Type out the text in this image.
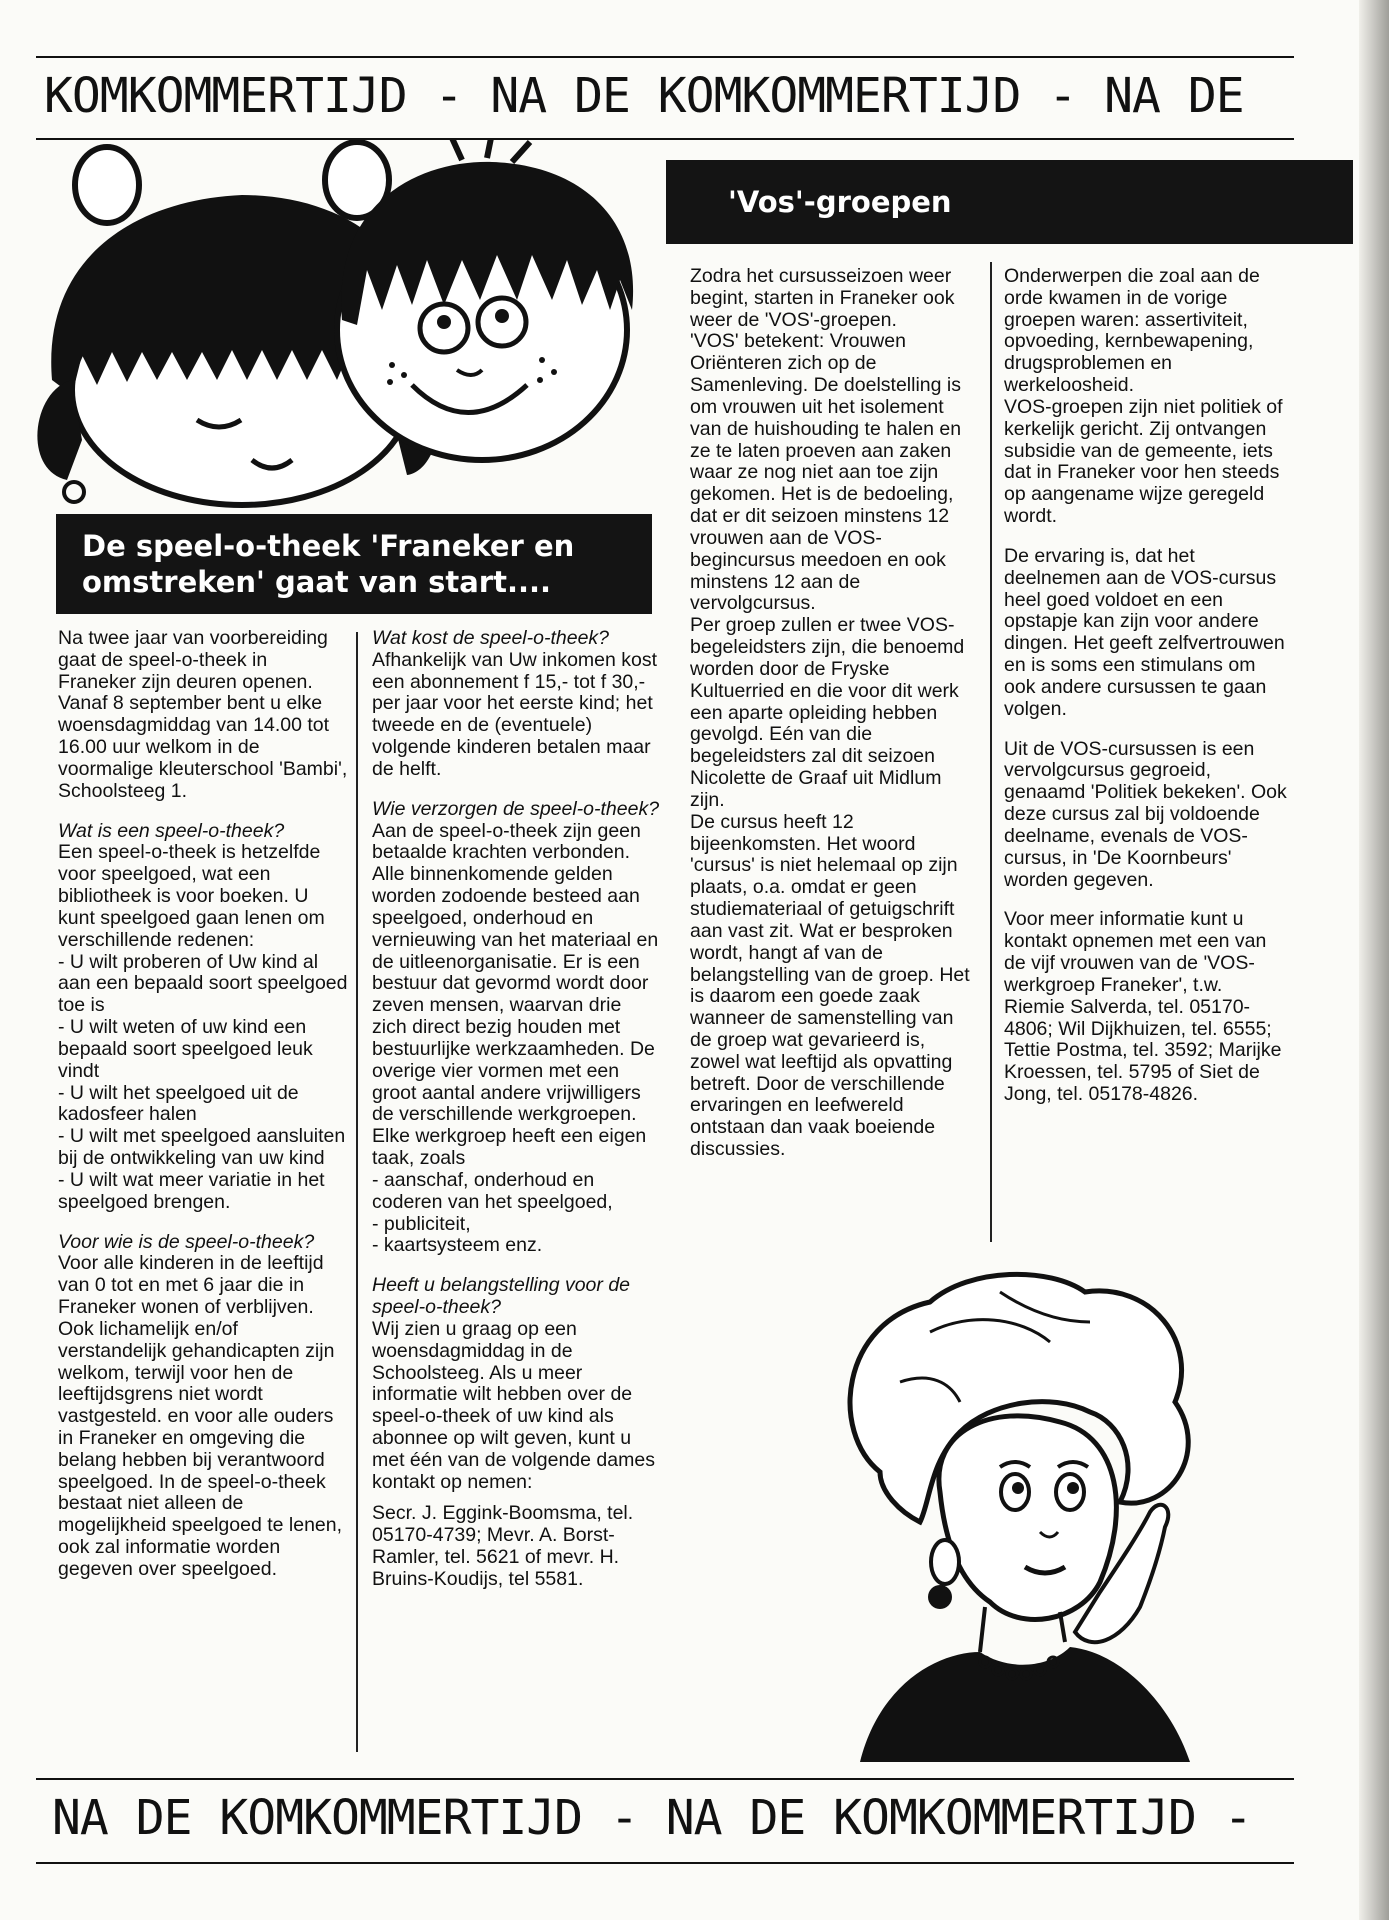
KOMKOMMERTIJD - NA DE KOMKOMMERTIJD - NA DE
De speel-o-theek 'Franeker en
omstreken' gaat van start....

Na twee jaar van voorbereiding gaat de speel-o-theek in Franeker zijn deuren openen. Vanaf 8 september bent u elke woensdagmiddag van 14.00 tot 16.00 uur welkom in de voormalige kleuterschool 'Bambi', Schoolsteeg 1.

Wat is een speel-o-theek?

Een speel-o-theek is hetzelfde voor speelgoed, wat een bibliotheek is voor boeken. U kunt speelgoed gaan lenen om verschillende redenen:
- U wilt proberen of Uw kind al aan een bepaald soort speelgoed toe is
- U wilt weten of uw kind een bepaald soort speelgoed leuk vindt
- U wilt het speelgoed uit de kadosfeer halen
- U wilt met speelgoed aansluiten bij de ontwikkeling van uw kind
- U wilt wat meer variatie in het speelgoed brengen.

Voor wie is de speel-o-theek?

Voor alle kinderen in de leeftijd van 0 tot en met 6 jaar die in Franeker wonen of verblijven. Ook lichamelijk en/of verstandelijk gehandicapten zijn welkom, terwijl voor hen de leeftijdsgrens niet wordt vastgesteld. en voor alle ouders in Franeker en omgeving die belang hebben bij verantwoord speelgoed. In de speel-o-theek bestaat niet alleen de mogelijkheid speelgoed te lenen, ook zal informatie worden gegeven over speelgoed.

Wat kost de speel-o-theek?

Afhankelijk van Uw inkomen kost een abonnement f 15,- tot f 30,- per jaar voor het eerste kind; het tweede en de (eventuele) volgende kinderen betalen maar de helft.

Wie verzorgen de speel-o-theek?

Aan de speel-o-theek zijn geen betaalde krachten verbonden. Alle binnenkomende gelden worden zodoende besteed aan speelgoed, onderhoud en vernieuwing van het materiaal en de uitleenorganisatie. Er is een bestuur dat gevormd wordt door zeven mensen, waarvan drie zich direct bezig houden met bestuurlijke werkzaamheden. De overige vier vormen met een groot aantal andere vrijwilligers de verschillende werkgroepen. Elke werkgroep heeft een eigen taak, zoals
- aanschaf, onderhoud en coderen van het speelgoed,
- publiciteit,
- kaartsysteem enz.

Heeft u belangstelling voor de speel-o-theek?

Wij zien u graag op een woensdagmiddag in de Schoolsteeg. Als u meer informatie wilt hebben over de speel-o-theek of uw kind als abonnee op wilt geven, kunt u met één van de volgende dames kontakt op nemen:

Secr. J. Eggink-Boomsma, tel. 05170-4739; Mevr. A. Borst-Ramler, tel. 5621 of mevr. H. Bruins-Koudijs, tel 5581.

'Vos'-groepen

Zodra het cursusseizoen weer begint, starten in Franeker ook weer de 'VOS'-groepen.

'VOS' betekent: Vrouwen Oriënteren zich op de Samenleving. De doelstelling is om vrouwen uit het isolement van de huishouding te halen en ze te laten proeven aan zaken waar ze nog niet aan toe zijn gekomen. Het is de bedoeling, dat er dit seizoen minstens 12 vrouwen aan de VOS-begincursus meedoen en ook minstens 12 aan de vervolgcursus.

Per groep zullen er twee VOS-begeleidsters zijn, die benoemd worden door de Fryske Kultuerried en die voor dit werk een aparte opleiding hebben gevolgd. Eén van die begeleidsters zal dit seizoen Nicolette de Graaf uit Midlum zijn.

De cursus heeft 12 bijeenkomsten. Het woord 'cursus' is niet helemaal op zijn plaats, o.a. omdat er geen studiemateriaal of getuigschrift aan vast zit. Wat er besproken wordt, hangt af van de belangstelling van de groep. Het is daarom een goede zaak wanneer de samenstelling van de groep wat gevarieerd is, zowel wat leeftijd als opvatting betreft. Door de verschillende ervaringen en leefwereld ontstaan dan vaak boeiende discussies.

Onderwerpen die zoal aan de orde kwamen in de vorige groepen waren: assertiviteit, opvoeding, kernbewapening, drugsproblemen en werkeloosheid.

VOS-groepen zijn niet politiek of kerkelijk gericht. Zij ontvangen subsidie van de gemeente, iets dat in Franeker voor hen steeds op aangename wijze geregeld wordt.

De ervaring is, dat het deelnemen aan de VOS-cursus heel goed voldoet en een opstapje kan zijn voor andere dingen. Het geeft zelfvertrouwen en is soms een stimulans om ook andere cursussen te gaan volgen.

Uit de VOS-cursussen is een vervolgcursus gegroeid, genaamd 'Politiek bekeken'. Ook deze cursus zal bij voldoende deelname, evenals de VOS-cursus, in 'De Koornbeurs' worden gegeven.

Voor meer informatie kunt u kontakt opnemen met een van de vijf vrouwen van de 'VOS-werkgroep Franeker', t.w. Riemie Salverda, tel. 05170-4806; Wil Dijkhuizen, tel. 6555; Tettie Postma, tel. 3592; Marijke Kroessen, tel. 5795 of Siet de Jong, tel. 05178-4826.

NA DE KOMKOMMERTIJD - NA DE KOMKOMMERTIJD -
